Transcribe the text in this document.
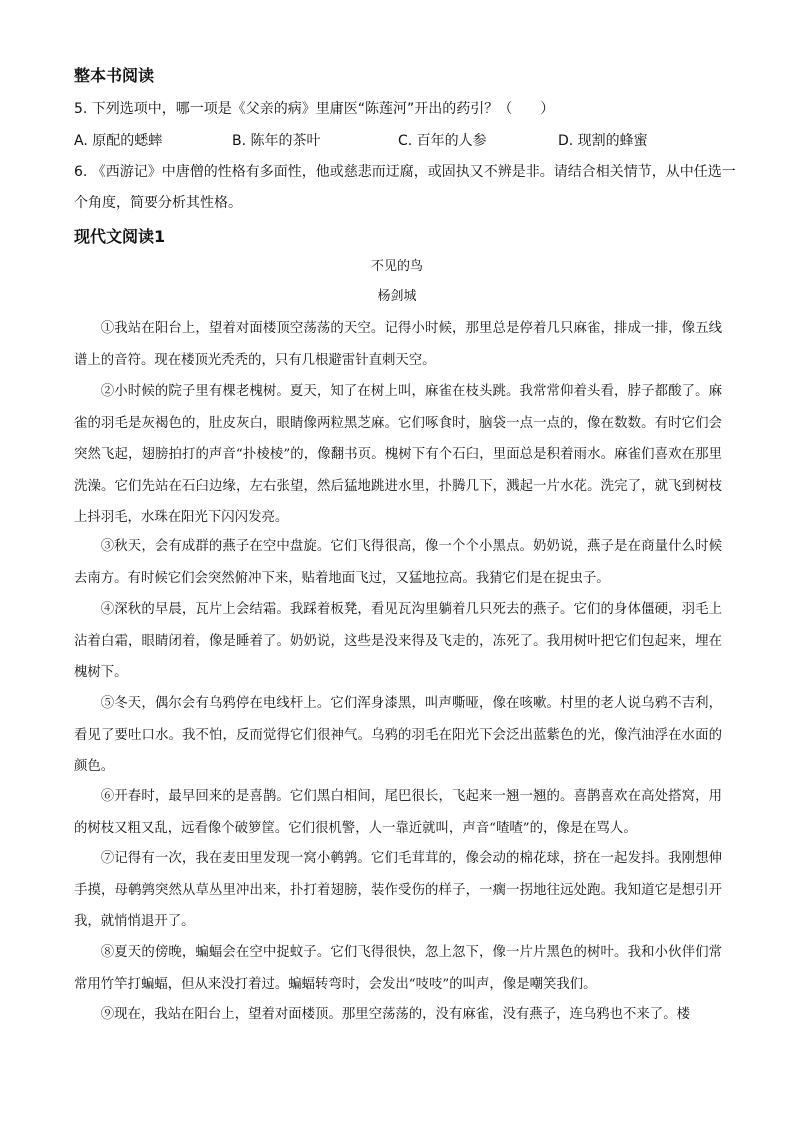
整本书阅读
5. 下列选项中，哪一项是《父亲的病》里庸医“陈莲河”开出的药引？（　　）
A. 原配的蟋蟀	B. 陈年的茶叶	C. 百年的人参	D. 现割的蜂蜜
6. 《西游记》中唐僧的性格有多面性，他或慈悲而迂腐，或固执又不辨是非。请结合相关情节，从中任选一
个角度，简要分析其性格。
现代文阅读1
不见的鸟
杨剑城
①我站在阳台上，望着对面楼顶空荡荡的天空。记得小时候，那里总是停着几只麻雀，排成一排，像五线谱上的音符。现在楼顶光秃秃的，只有几根避雷针直刺天空。
②小时候的院子里有棵老槐树。夏天，知了在树上叫，麻雀在枝头跳。我常常仰着头看，脖子都酸了。麻雀的羽毛是灰褐色的，肚皮灰白，眼睛像两粒黑芝麻。它们啄食时，脑袋一点一点的，像在数数。有时它们会突然飞起，翅膀拍打的声音“扑棱棱”的，像翻书页。槐树下有个石臼，里面总是积着雨水。麻雀们喜欢在那里洗澡。它们先站在石臼边缘，左右张望，然后猛地跳进水里，扑腾几下，溅起一片水花。洗完了，就飞到树枝上抖羽毛，水珠在阳光下闪闪发亮。
③秋天，会有成群的燕子在空中盘旋。它们飞得很高，像一个个小黑点。奶奶说，燕子是在商量什么时候去南方。有时候它们会突然俯冲下来，贴着地面飞过，又猛地拉高。我猜它们是在捉虫子。
④深秋的早晨，瓦片上会结霜。我踩着板凳，看见瓦沟里躺着几只死去的燕子。它们的身体僵硬，羽毛上沾着白霜，眼睛闭着，像是睡着了。奶奶说，这些是没来得及飞走的，冻死了。我用树叶把它们包起来，埋在槐树下。
⑤冬天，偶尔会有乌鸦停在电线杆上。它们浑身漆黑，叫声嘶哑，像在咳嗽。村里的老人说乌鸦不吉利，看见了要吐口水。我不怕，反而觉得它们很神气。乌鸦的羽毛在阳光下会泛出蓝紫色的光，像汽油浮在水面的颜色。
⑥开春时，最早回来的是喜鹊。它们黑白相间，尾巴很长，飞起来一翘一翘的。喜鹊喜欢在高处搭窝，用的树枝又粗又乱，远看像个破箩筐。它们很机警，人一靠近就叫，声音“喳喳”的，像是在骂人。
⑦记得有一次，我在麦田里发现一窝小鹌鹑。它们毛茸茸的，像会动的棉花球，挤在一起发抖。我刚想伸手摸，母鹌鹑突然从草丛里冲出来，扑打着翅膀，装作受伤的样子，一瘸一拐地往远处跑。我知道它是想引开我，就悄悄退开了。
⑧夏天的傍晚，蝙蝠会在空中捉蚊子。它们飞得很快，忽上忽下，像一片片黑色的树叶。我和小伙伴们常常用竹竿打蝙蝠，但从来没打着过。蝙蝠转弯时，会发出“吱吱”的叫声，像是嘲笑我们。
⑨现在，我站在阳台上，望着对面楼顶。那里空荡荡的，没有麻雀，没有燕子，连乌鸦也不来了。楼
